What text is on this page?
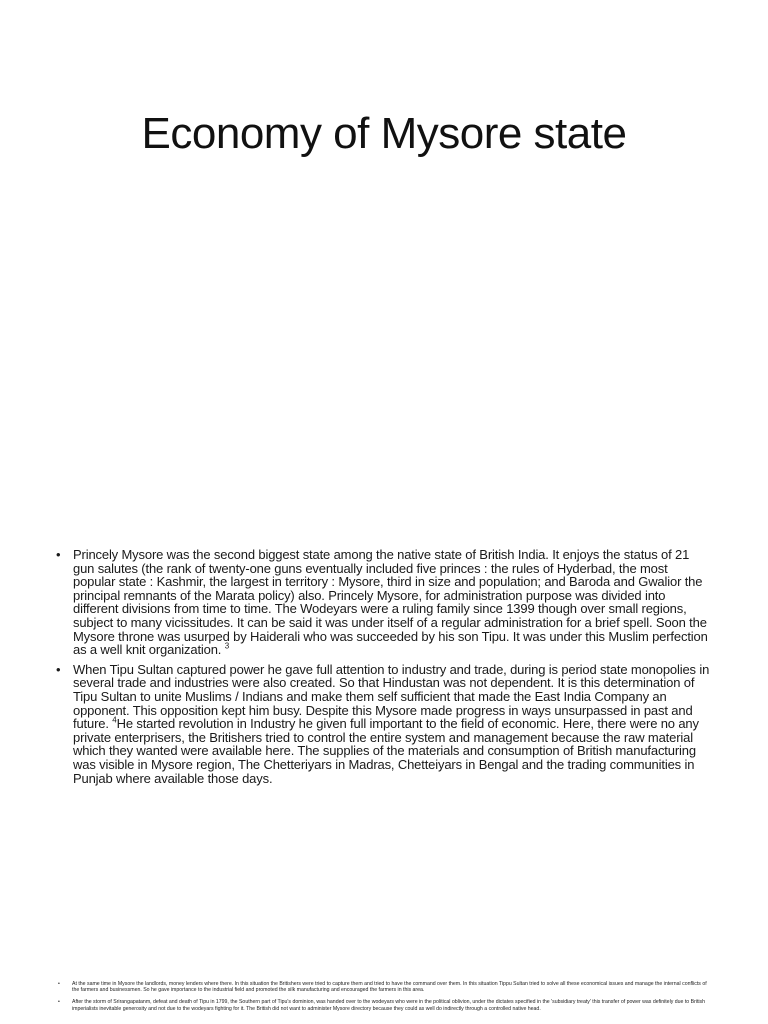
Economy of Mysore state
• Princely Mysore was the second biggest state among the native state of British India. It enjoys the status of 21 gun salutes (the rank of twenty-one guns eventually included five princes : the rules of Hyderbad, the most popular state : Kashmir, the largest in territory : Mysore, third in size and population; and Baroda and Gwalior the principal remnants of the Marata policy) also. Princely Mysore, for administration purpose was divided into different divisions from time to time. The Wodeyars were a ruling family since 1399 though over small regions, subject to many vicissitudes. It can be said it was under itself of a regular administration for a brief spell. Soon the Mysore throne was usurped by Haiderali who was succeeded by his son Tipu. It was under this Muslim perfection as a well knit organization. $^3$
• When Tipu Sultan captured power he gave full attention to industry and trade, during is period state monopolies in several trade and industries were also created. So that Hindustan was not dependent. It is this determination of Tipu Sultan to unite Muslims / Indians and make them self sufficient that made the East India Company an opponent. This opposition kept him busy. Despite this Mysore made progress in ways unsurpassed in past and future. $^4$He started revolution in Industry he given full important to the field of economic. Here, there were no any private enterprisers, the Britishers tried to control the entire system and management because the raw material which they wanted were available here. The supplies of the materials and consumption of British manufacturing was visible in Mysore region, The Chetteriyars in Madras, Chetteiyars in Bengal and the trading communities in Punjab where available those days.
• At the same time in Mysore the landlords, money lenders where there. In this situation the Britishers were tried to capture them and tried to have the command over them. In this situation Tippu Sultan tried to solve all these economical issues and manage the internal conflicts of the farmers and businessmen. So he gave importance to the industrial field and promoted the silk manufacturing and encouraged the farmers in this area.
• After the storm of Srirangapatanm, defeat and death of Tipu in 1799, the Southern part of Tipu's dominion, was handed over to the wodeyars who were in the political oblivion, under the dictates specified in the 'subsidiary treaty' this transfer of power was definitely due to British imperialists inevitable generosity and not due to the wodeyars fighting for it. The British did not want to administer Mysore directory because they could as well do indirectly through a controlled native head.
